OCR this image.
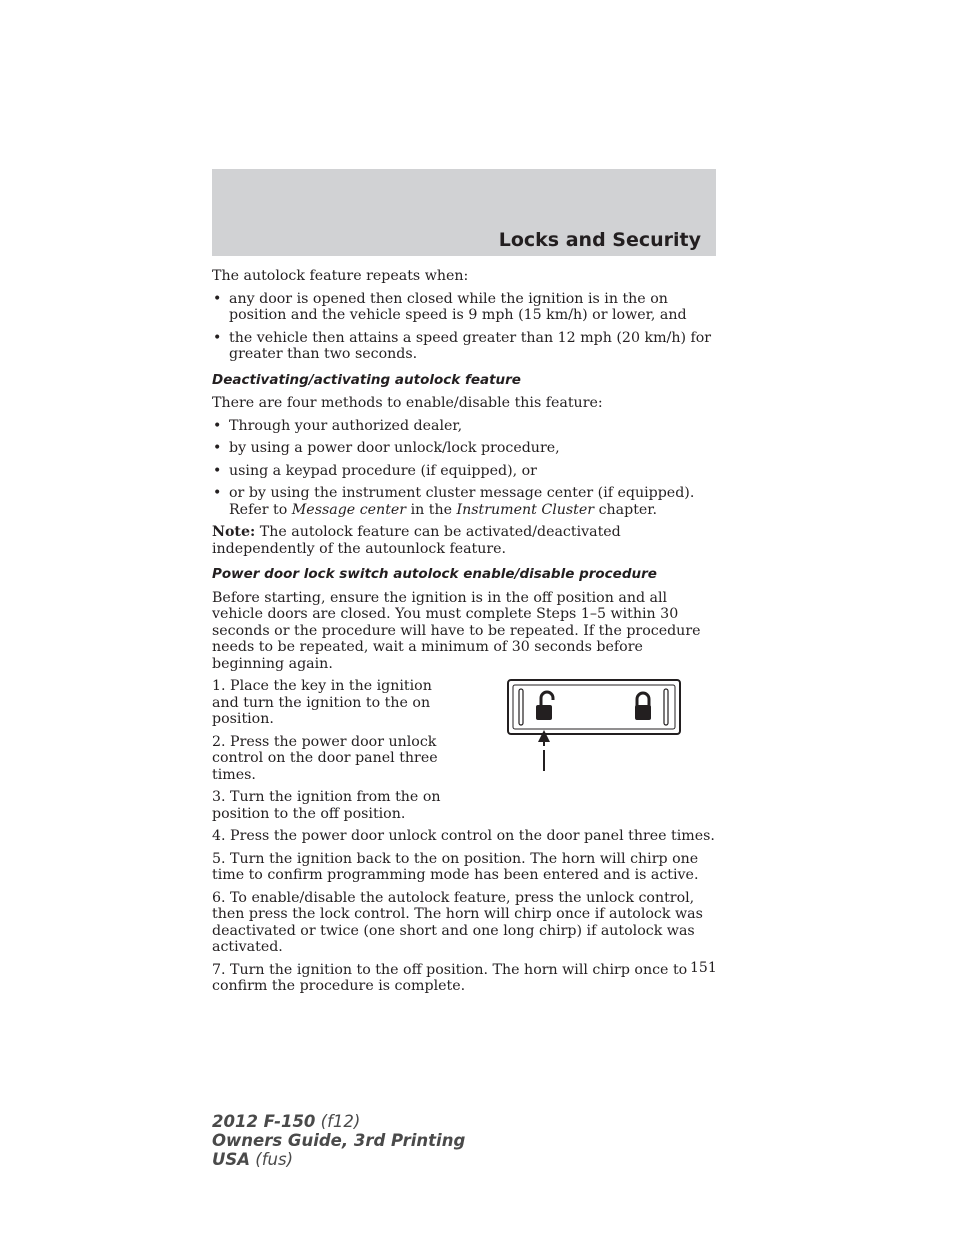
Locks and Security

The autolock feature repeats when:

• any door is opened then closed while the ignition is in the on position and the vehicle speed is 9 mph (15 km/h) or lower, and
• the vehicle then attains a speed greater than 12 mph (20 km/h) for greater than two seconds.

Deactivating/activating autolock feature

There are four methods to enable/disable this feature:

• Through your authorized dealer,
• by using a power door unlock/lock procedure,
• using a keypad procedure (if equipped), or
• or by using the instrument cluster message center (if equipped). Refer to Message center in the Instrument Cluster chapter.

Note: The autolock feature can be activated/deactivated independently of the autounlock feature.

Power door lock switch autolock enable/disable procedure

Before starting, ensure the ignition is in the off position and all vehicle doors are closed. You must complete Steps 1–5 within 30 seconds or the procedure will have to be repeated. If the procedure needs to be repeated, wait a minimum of 30 seconds before beginning again.

1. Place the key in the ignition and turn the ignition to the on position.

2. Press the power door unlock control on the door panel three times.

3. Turn the ignition from the on position to the off position.

4. Press the power door unlock control on the door panel three times.

5. Turn the ignition back to the on position. The horn will chirp one time to confirm programming mode has been entered and is active.

6. To enable/disable the autolock feature, press the unlock control, then press the lock control. The horn will chirp once if autolock was deactivated or twice (one short and one long chirp) if autolock was activated.

7. Turn the ignition to the off position. The horn will chirp once to confirm the procedure is complete.

151
2012 F-150 (f12)
Owners Guide, 3rd Printing
USA (fus)
